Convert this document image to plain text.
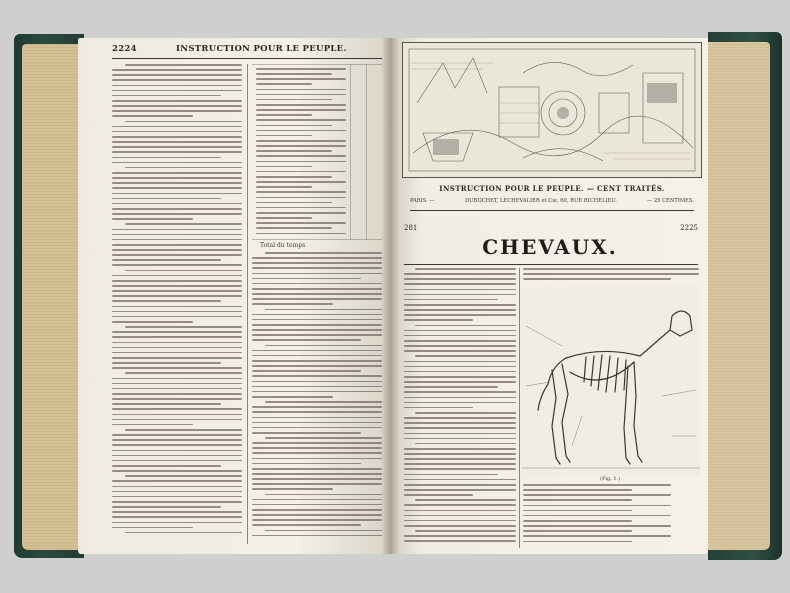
2224	INSTRUCTION POUR LE PEUPLE.
Total du temps
INSTRUCTION POUR LE PEUPLE. — CENT TRAITÉS.
PARIS. —	DUBOCHET, LECHEVALIER et Cie, 60, RUE RICHELIEU.	— 25 CENTIMES.
281	2225
CHEVAUX.
(Fig. 1.)
